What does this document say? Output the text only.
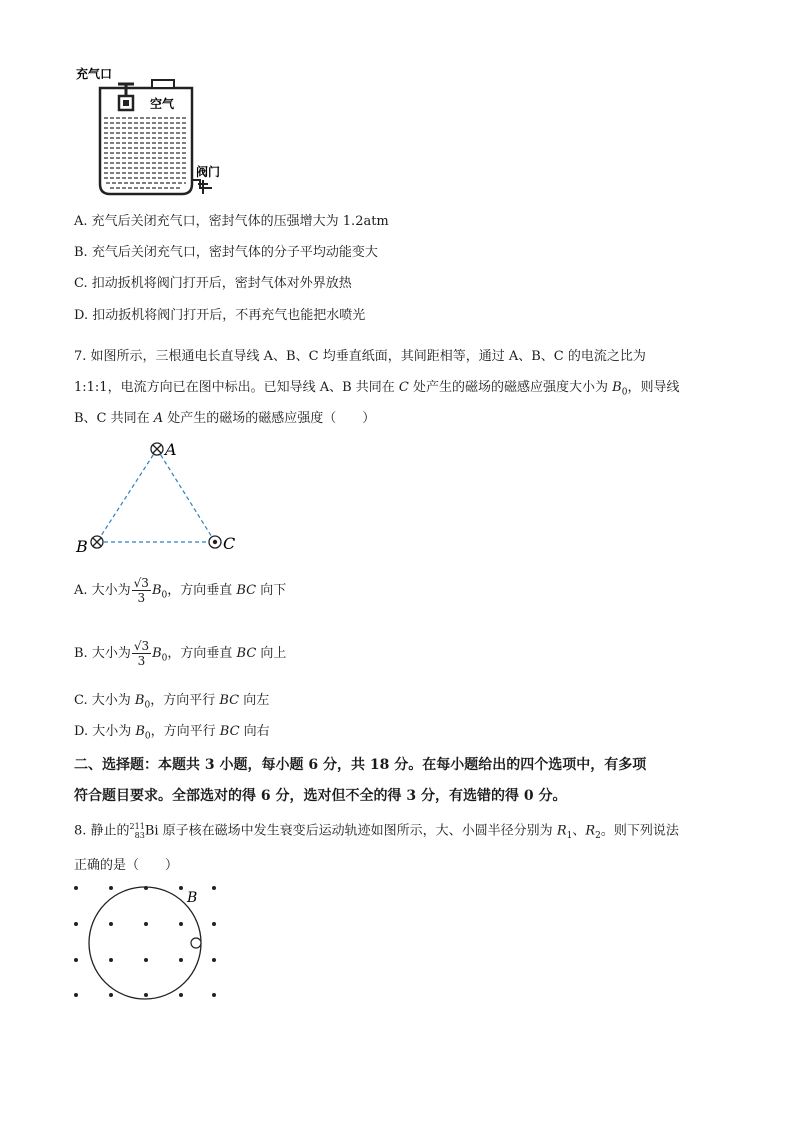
充气口
空气
阀门
A. 充气后关闭充气口，密封气体的压强增大为 1.2atm
B. 充气后关闭充气口，密封气体的分子平均动能变大
C. 扣动扳机将阀门打开后，密封气体对外界放热
D. 扣动扳机将阀门打开后，不再充气也能把水喷光
7. 如图所示，三根通电长直导线 A、B、C 均垂直纸面，其间距相等，通过 A、B、C 的电流之比为
1:1:1，电流方向已在图中标出。已知导线 A、B 共同在 C 处产生的磁场的磁感应强度大小为 $B_0$，则导线
B、C 共同在 A 处产生的磁场的磁感应强度（　　）
A
B	C
A. 大小为 $\frac{√3}{3} B_0$，方向垂直 BC 向下
B. 大小为 $\frac{√3}{3} B_0$，方向垂直 BC 向上
C. 大小为 $B_0$，方向平行 BC 向左
D. 大小为 $B_0$，方向平行 BC 向右
二、选择题：本题共 3 小题，每小题 6 分，共 18 分。在每小题给出的四个选项中，有多项
符合题目要求。全部选对的得 6 分，选对但不全的得 3 分，有选错的得 0 分。
8. 静止的 211
83 Bi 原子核在磁场中发生衰变后运动轨迹如图所示，大、小圆半径分别为 $R_1$、$R_2$。则下列说法
正确的是（　　）
B
